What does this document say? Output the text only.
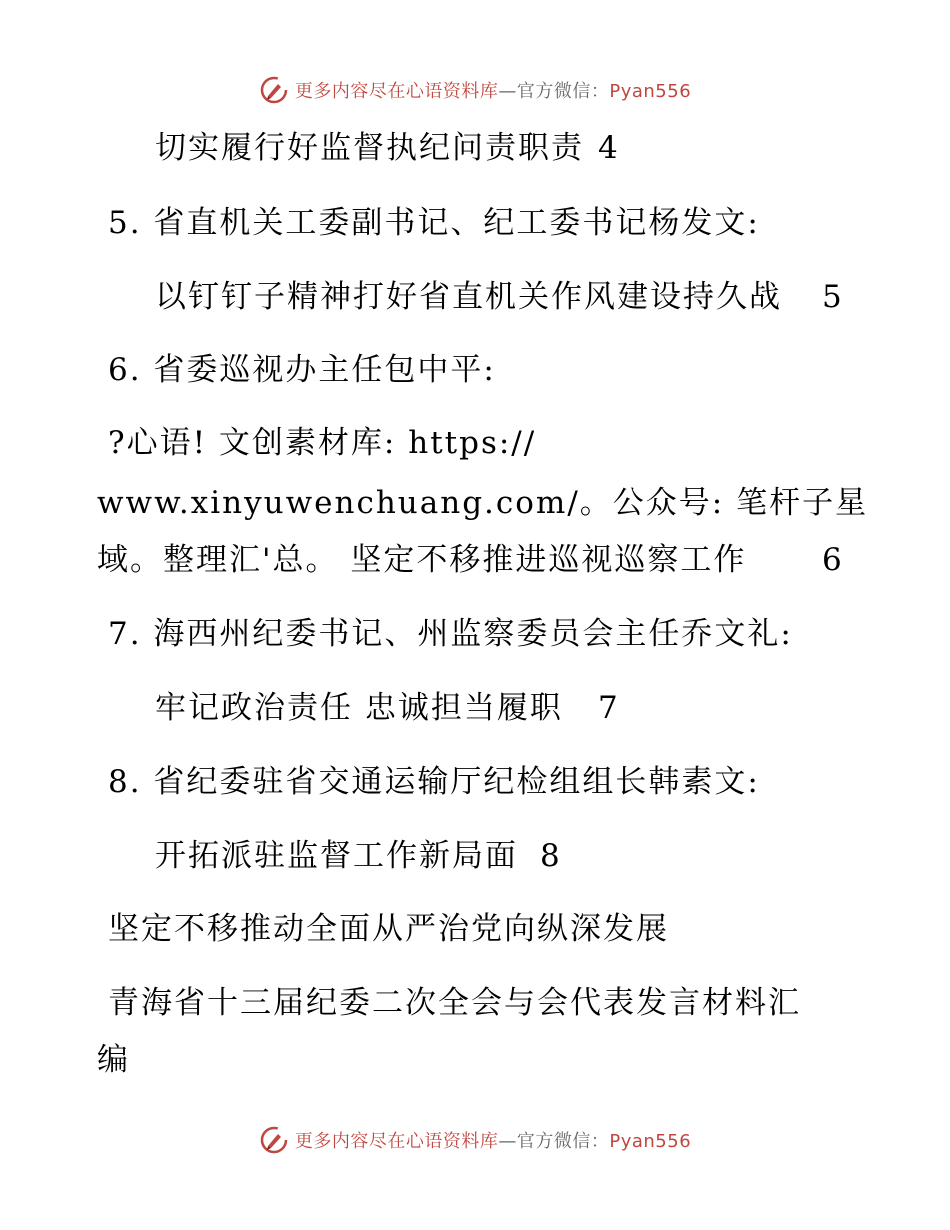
更多内容尽在心语资料库—官方微信：Pyan556
切实履行好监督执纪问责职责 4
5. 省直机关工委副书记、纪工委书记杨发文:
以钉钉子精神打好省直机关作风建设持久战 5
6. 省委巡视办主任包中平:
?心语! 文创素材库: https://
www.xinyuwenchuang.com/。公众号: 笔杆子星
域。整理汇'总。 坚定不移推进巡视巡察工作 6
7. 海西州纪委书记、州监察委员会主任乔文礼:
牢记政治责任 忠诚担当履职 7
8. 省纪委驻省交通运输厅纪检组组长韩素文:
开拓派驻监督工作新局面 8
坚定不移推动全面从严治党向纵深发展
青海省十三届纪委二次全会与会代表发言材料汇
编
更多内容尽在心语资料库—官方微信：Pyan556
